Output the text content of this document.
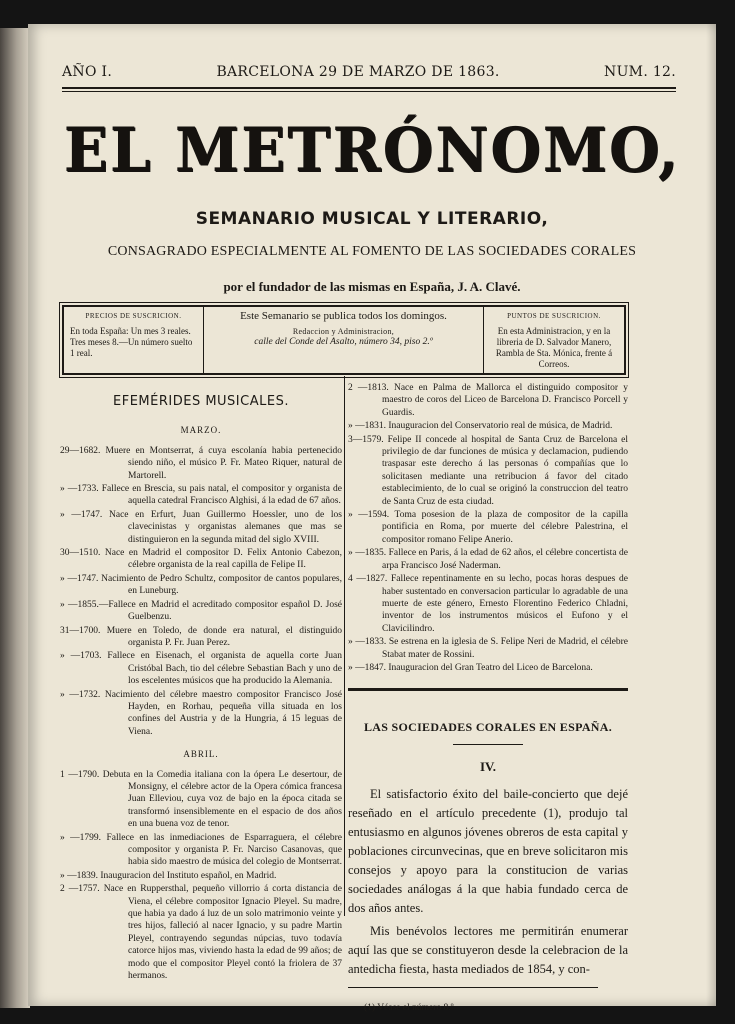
AÑO I.	BARCELONA 29 DE MARZO DE 1863.	NUM. 12.
EL METRÓNOMO,
SEMANARIO MUSICAL Y LITERARIO,
CONSAGRADO ESPECIALMENTE AL FOMENTO DE LAS SOCIEDADES CORALES
por el fundador de las mismas en España, J. A. Clavé.
PRECIOS DE SUSCRICION.
En toda España: Un mes 3 reales. Tres meses 8.—Un número suelto 1 real.
Este Semanario se publica todos los domingos.
Redaccion y Administracion,
calle del Conde del Asalto, número 34, piso 2.º
PUNTOS DE SUSCRICION.
En esta Administracion, y en la libreria de D. Salvador Manero, Rambla de Sta. Mónica, frente á Correos.
EFEMÉRIDES MUSICALES.
MARZO.
29—1682. Muere en Montserrat, á cuya escolanía habia pertenecido siendo niño, el músico P. Fr. Mateo Riquer, natural de Martorell.
» —1733. Fallece en Brescia, su pais natal, el compositor y organista de aquella catedral Francisco Alghisi, á la edad de 67 años.
» —1747. Nace en Erfurt, Juan Guillermo Hoessler, uno de los clavecinistas y organistas alemanes que mas se distinguieron en la segunda mitad del siglo XVIII.
30—1510. Nace en Madrid el compositor D. Felix Antonio Cabezon, célebre organista de la real capilla de Felipe II.
» —1747. Nacimiento de Pedro Schultz, compositor de cantos populares, en Luneburg.
» —1855.—Fallece en Madrid el acreditado compositor español D. José Guelbenzu.
31—1700. Muere en Toledo, de donde era natural, el distinguido organista P. Fr. Juan Perez.
» —1703. Fallece en Eisenach, el organista de aquella corte Juan Cristóbal Bach, tio del célebre Sebastian Bach y uno de los escelentes músicos que ha producido la Alemania.
» —1732. Nacimiento del célebre maestro compositor Francisco José Hayden, en Rorhau, pequeña villa situada en los confines del Austria y de la Hungria, á 15 leguas de Viena.
ABRIL.
1 —1790. Debuta en la Comedia italiana con la ópera Le desertour, de Monsigny, el célebre actor de la Opera cómica francesa Juan Elleviou, cuya voz de bajo en la época citada se transformó insensiblemente en el espacio de dos años en una buena voz de tenor.
» —1799. Fallece en las inmediaciones de Esparraguera, el célebre compositor y organista P. Fr. Narciso Casanovas, que habia sido maestro de música del colegio de Montserrat.
» —1839. Inauguracion del Instituto español, en Madrid.
2 —1757. Nace en Ruppersthal, pequeño villorrio á corta distancia de Viena, el célebre compositor Ignacio Pleyel. Su madre, que habia ya dado á luz de un solo matrimonio veinte y tres hijos, falleció al nacer Ignacio, y su padre Martin Pleyel, contrayendo segundas núpcias, tuvo todavía catorce hijos mas, viviendo hasta la edad de 99 años; de modo que el compositor Pleyel contó la friolera de 37 hermanos.
2 —1813. Nace en Palma de Mallorca el distinguido compositor y maestro de coros del Liceo de Barcelona D. Francisco Porcell y Guardis.
» —1831. Inauguracion del Conservatorio real de música, de Madrid.
3—1579. Felipe II concede al hospital de Santa Cruz de Barcelona el privilegio de dar funciones de música y declamacion, pudiendo traspasar este derecho á las personas ó compañías que lo solicitasen mediante una retribucion á favor del citado establecimiento, de lo cual se originó la construccion del teatro de Santa Cruz de esta ciudad.
» —1594. Toma posesion de la plaza de compositor de la capilla pontificia en Roma, por muerte del célebre Palestrina, el compositor romano Felipe Anerio.
» —1835. Fallece en Paris, á la edad de 62 años, el célebre concertista de arpa Francisco José Naderman.
4 —1827. Fallece repentinamente en su lecho, pocas horas despues de haber sustentado en conversacion particular lo agradable de una muerte de este género, Ernesto Florentino Federico Chladni, inventor de los instrumentos músicos el Eufono y el Clavicilindro.
» —1833. Se estrena en la iglesia de S. Felipe Neri de Madrid, el célebre Stabat mater de Rossini.
» —1847. Inauguracion del Gran Teatro del Liceo de Barcelona.
LAS SOCIEDADES CORALES EN ESPAÑA.
IV.

El satisfactorio éxito del baile-concierto que dejé reseñado en el artículo precedente (1), produjo tal entusiasmo en algunos jóvenes obreros de esta capital y poblaciones circunvecinas, que en breve solicitaron mis consejos y apoyo para la constitucion de varias sociedades análogas á la que habia fundado cerca de dos años antes.

Mis benévolos lectores me permitirán enumerar aquí las que se constituyeron desde la celebracion de la antedicha fiesta, hasta mediados de 1854, y con-

(1) Véase el número 8.º
